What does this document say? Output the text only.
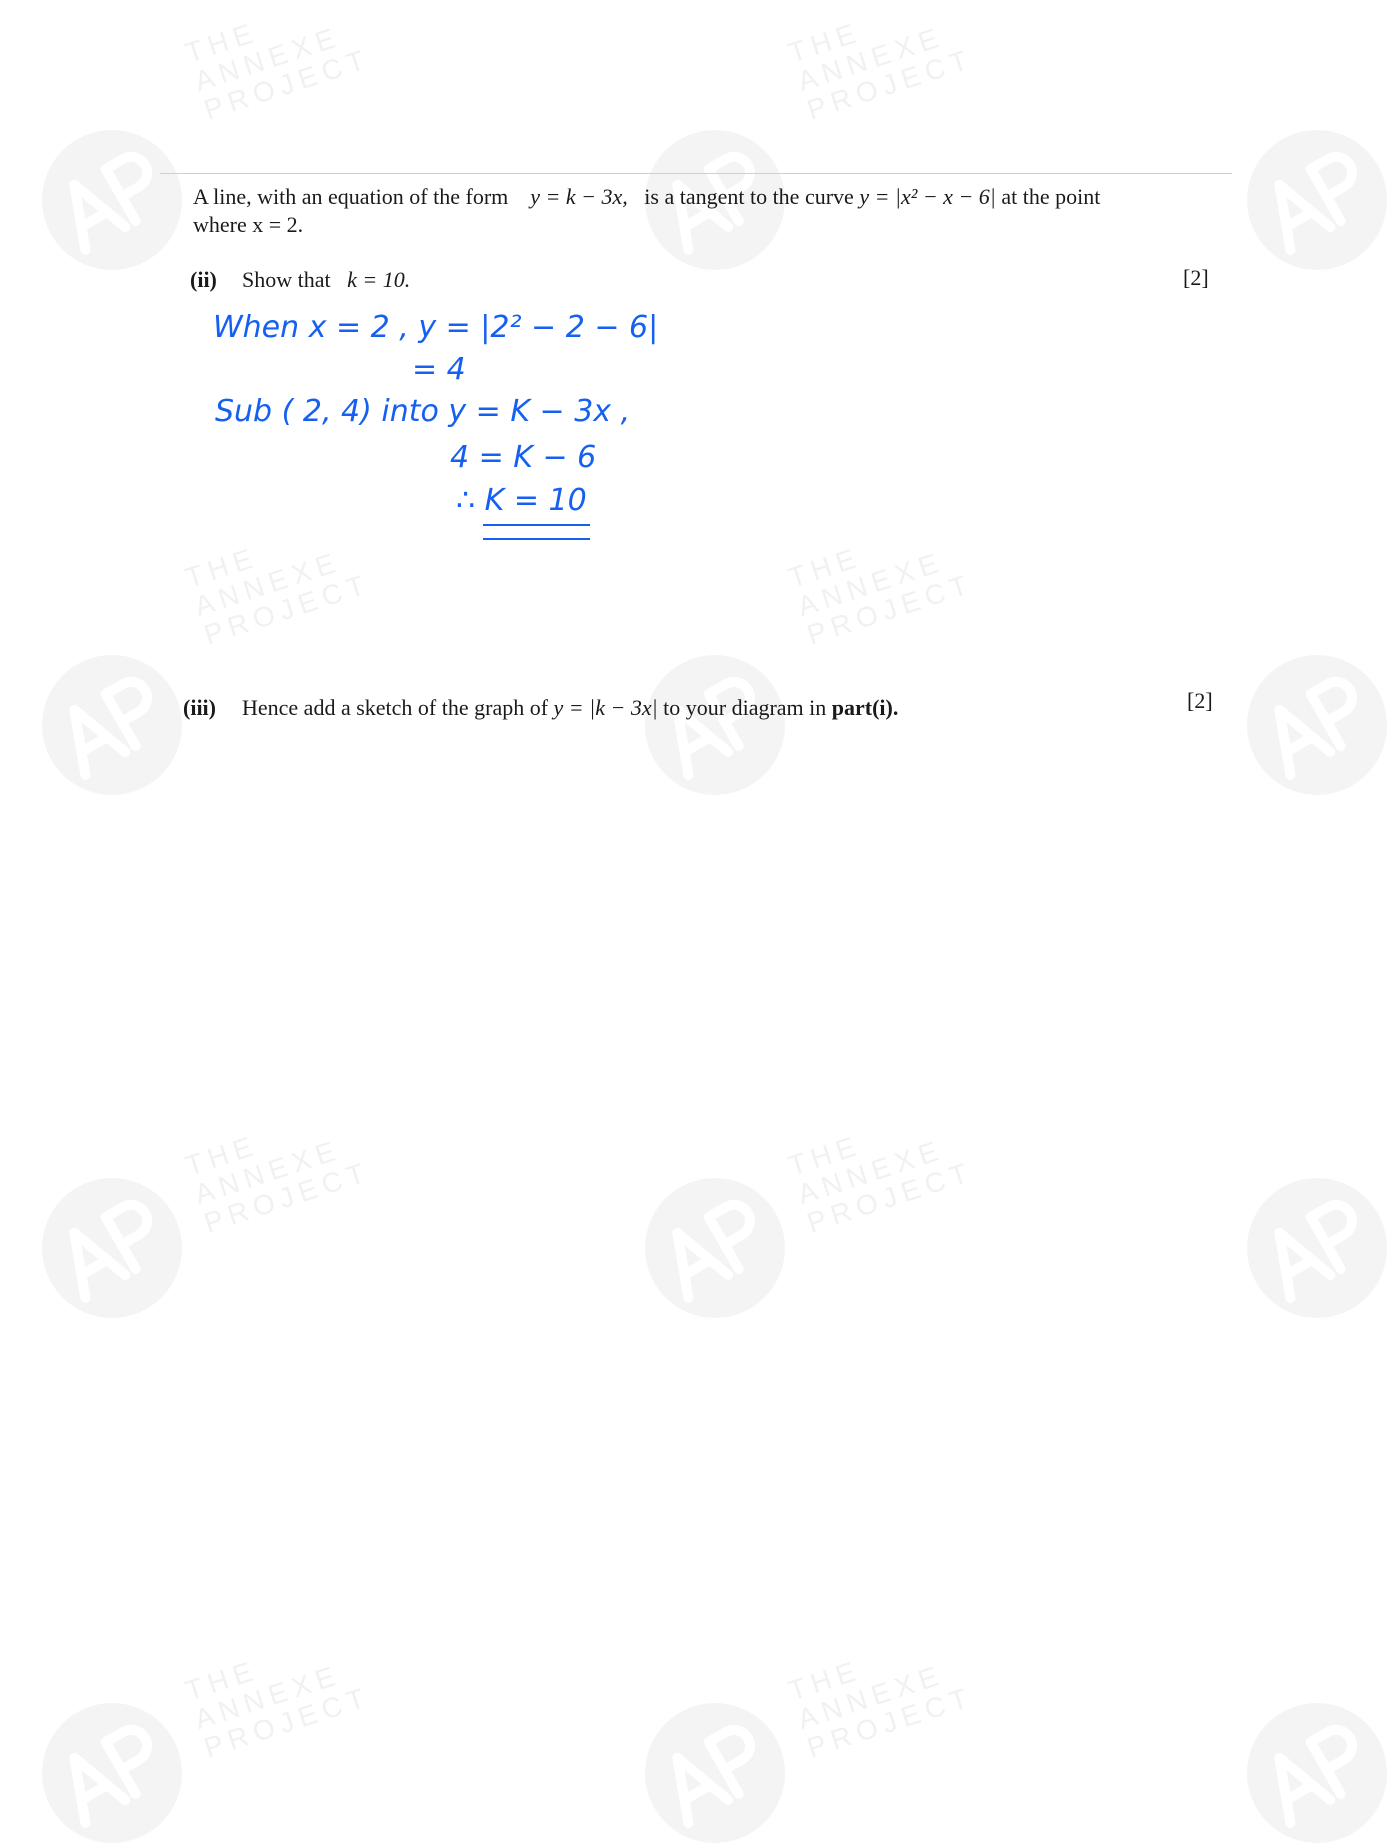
THE
ANNEXE
PROJECT
THE
ANNEXE
PROJECT
THE
ANNEXE
PROJECT
THE
ANNEXE
PROJECT
THE
ANNEXE
PROJECT
THE
ANNEXE
PROJECT
THE
ANNEXE
PROJECT
THE
ANNEXE
PROJECT
A line, with an equation of the form y = k − 3x, is a tangent to the curve y = |x² − x − 6| at the point
where x = 2.
(ii) Show that k = 10.	[2]
When x = 2 , y = |2² − 2 − 6|
= 4
Sub ( 2, 4) into y = K − 3x ,
4 = K − 6
∴ K = 10
(iii) Hence add a sketch of the graph of y = |k − 3x| to your diagram in part(i).	[2]
